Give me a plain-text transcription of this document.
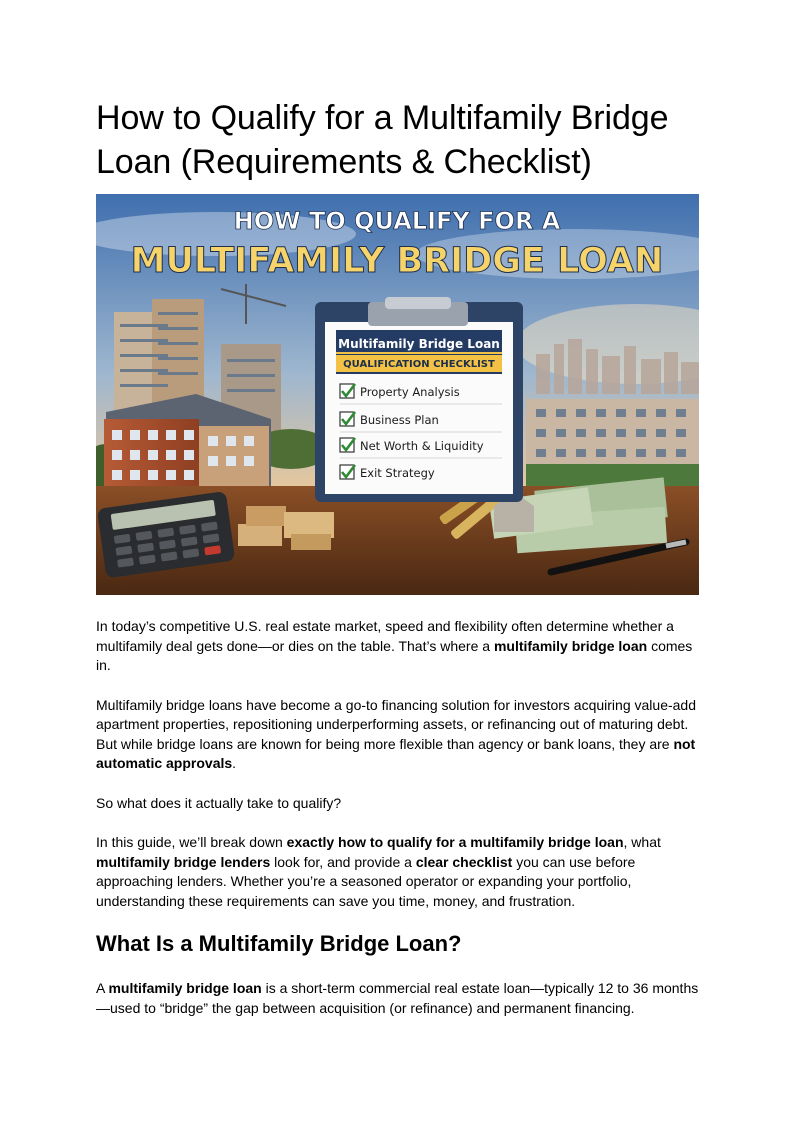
How to Qualify for a Multifamily Bridge Loan (Requirements & Checklist)
HOW TO QUALIFY FOR A
MULTIFAMILY BRIDGE LOAN
Multifamily Bridge Loan
QUALIFICATION CHECKLIST
Property Analysis
Business Plan
Net Worth & Liquidity
Exit Strategy

In today’s competitive U.S. real estate market, speed and flexibility often determine whether a multifamily deal gets done—or dies on the table. That’s where a multifamily bridge loan comes in.

Multifamily bridge loans have become a go-to financing solution for investors acquiring value-add apartment properties, repositioning underperforming assets, or refinancing out of maturing debt. But while bridge loans are known for being more flexible than agency or bank loans, they are not automatic approvals.

So what does it actually take to qualify?

In this guide, we’ll break down exactly how to qualify for a multifamily bridge loan, what multifamily bridge lenders look for, and provide a clear checklist you can use before approaching lenders. Whether you’re a seasoned operator or expanding your portfolio, understanding these requirements can save you time, money, and frustration.

What Is a Multifamily Bridge Loan?

A multifamily bridge loan is a short-term commercial real estate loan—typically 12 to 36 months—used to “bridge” the gap between acquisition (or refinance) and permanent financing.
